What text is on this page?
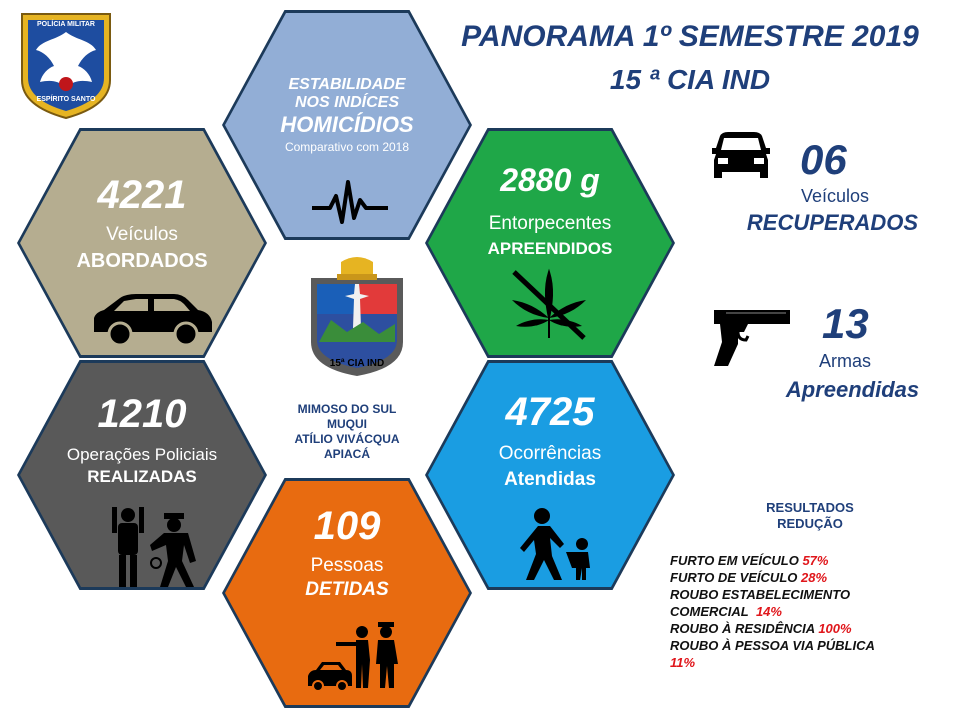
POLÍCIA MILITAR
ESPÍRITO SANTO
PANORAMA 1º SEMESTRE 2019
15 ª CIA IND
ESTABILIDADE
NOS INDÍCES
HOMICÍDIOS
Comparativo com 2018
4221
Veículos
ABORDADOS
2880 g
Entorpecentes
APREENDIDOS
1210
Operações Policiais
REALIZADAS
4725
Ocorrências
Atendidas
109
Pessoas
DETIDAS
15ª CIA IND
MIMOSO DO SUL
MUQUI
ATÍLIO VIVÁCQUA
APIACÁ
06
Veículos
RECUPERADOS
13
Armas
Apreendidas
RESULTADOS
REDUÇÃO
FURTO EM VEÍCULO 57%
FURTO DE VEÍCULO 28%
ROUBO ESTABELECIMENTO
COMERCIAL 14%
ROUBO À RESIDÊNCIA 100%
ROUBO À PESSOA VIA PÚBLICA
11%
